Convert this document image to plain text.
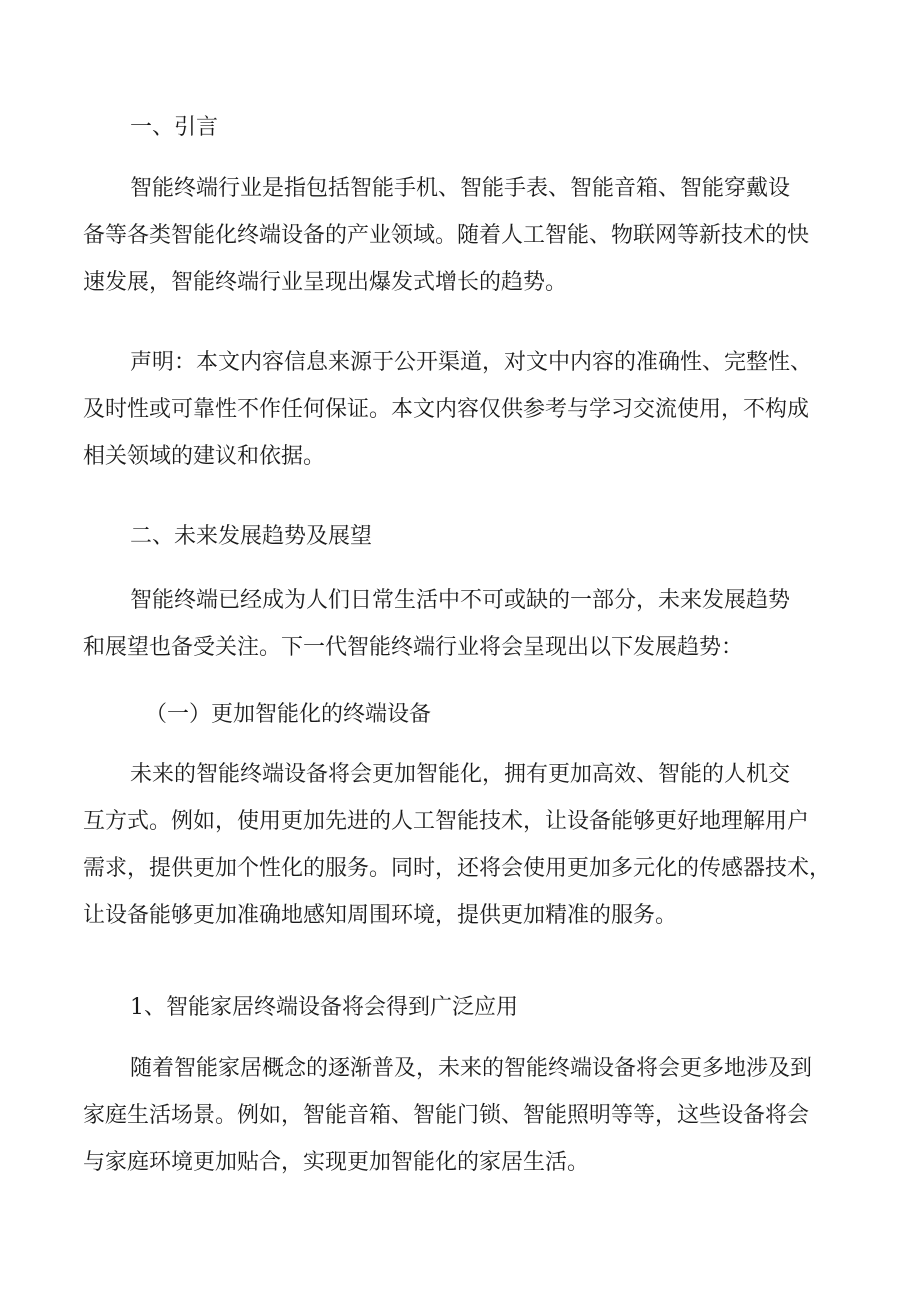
一、引言
智能终端行业是指包括智能手机、智能手表、智能音箱、智能穿戴设
备等各类智能化终端设备的产业领域。随着人工智能、物联网等新技术的快
速发展，智能终端行业呈现出爆发式增长的趋势。
声明：本文内容信息来源于公开渠道，对文中内容的准确性、完整性、
及时性或可靠性不作任何保证。本文内容仅供参考与学习交流使用，不构成
相关领域的建议和依据。
二、未来发展趋势及展望
智能终端已经成为人们日常生活中不可或缺的一部分，未来发展趋势
和展望也备受关注。下一代智能终端行业将会呈现出以下发展趋势：
（一）更加智能化的终端设备
未来的智能终端设备将会更加智能化，拥有更加高效、智能的人机交
互方式。例如，使用更加先进的人工智能技术，让设备能够更好地理解用户
需求，提供更加个性化的服务。同时，还将会使用更加多元化的传感器技术，
让设备能够更加准确地感知周围环境，提供更加精准的服务。
1、智能家居终端设备将会得到广泛应用
随着智能家居概念的逐渐普及，未来的智能终端设备将会更多地涉及到
家庭生活场景。例如，智能音箱、智能门锁、智能照明等等，这些设备将会
与家庭环境更加贴合，实现更加智能化的家居生活。
